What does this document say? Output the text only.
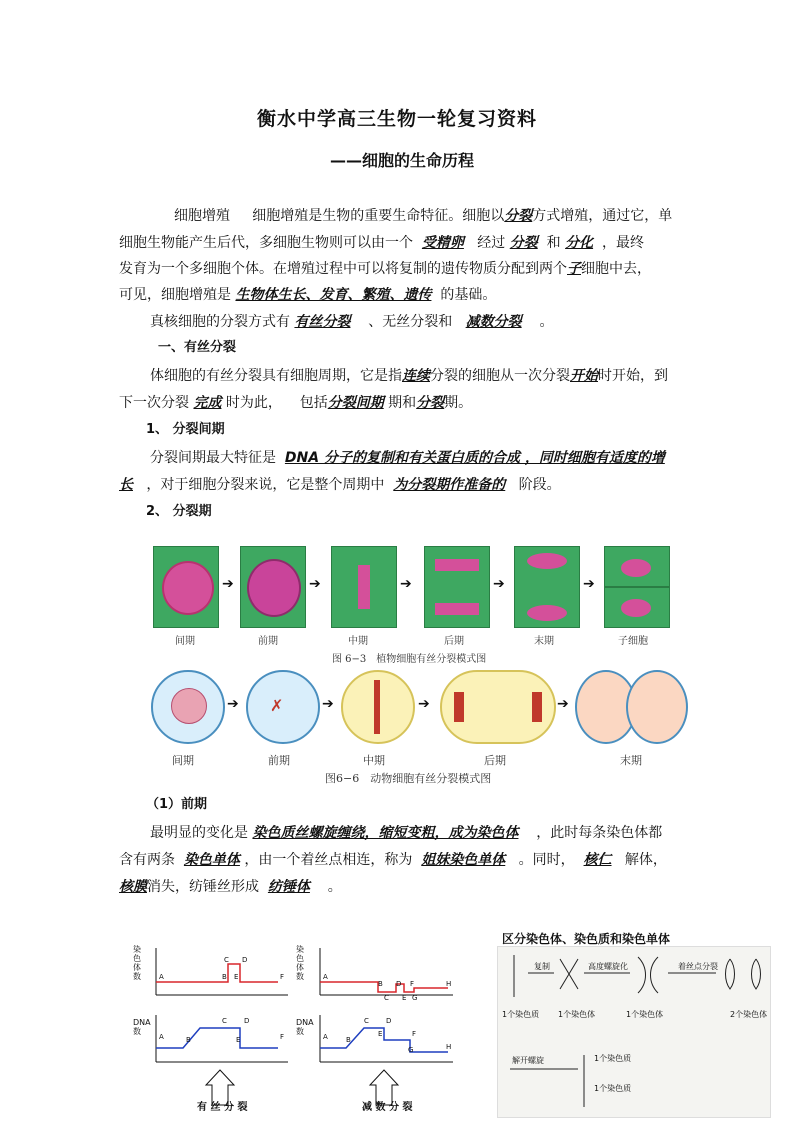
衡水中学高三生物一轮复习资料
——细胞的生命历程
细胞增殖 细胞增殖是生物的重要生命特征。细胞以分裂方式增殖，通过它，单
细胞生物能产生后代，多细胞生物则可以由一个 受精卵 经过 分裂 和 分化 ，最终
发育为一个多细胞个体。在增殖过程中可以将复制的遗传物质分配到两个子细胞中去，
可见，细胞增殖是 生物体生长、发育、繁殖、遗传 的基础。
真核细胞的分裂方式有 有丝分裂 、无丝分裂和 减数分裂 。
一、有丝分裂
体细胞的有丝分裂具有细胞周期，它是指连续分裂的细胞从一次分裂开始时开始，到
下一次分裂 完成 时为此， 包括分裂间期 期和分裂期。
1、 分裂间期
分裂间期最大特征是 DNA 分子的复制和有关蛋白质的合成 ，同时细胞有适度的增
长 ，对于细胞分裂来说，它是整个周期中 为分裂期作准备的 阶段。
2、 分裂期
➔	➔	➔	➔	➔
间期	前期	中期	后期	末期	子细胞
图 6−3　植物细胞有丝分裂模式图
➔ ✗	➔	➔	➔
间期	前期	中期	后期	末期
图6−6　动物细胞有丝分裂模式图
（1）前期
最明显的变化是 染色质丝螺旋缠绕，缩短变粗，成为染色体 ，此时每条染色体都
含有两条 染色单体 ，由一个着丝点相连，称为 姐妹染色单体 。同时， 核仁 解体，
核膜消失，纺锤丝形成 纺锤体 。
染色体数
DNA数
染色体数
DNA数
有 丝 分 裂	减 数 分 裂
A	B
C D
E	F
A	B
C D
E	F
A
B
C
D
E
F
G
H
A	B
C D
E	F
G	H
区分染色体、染色质和染色单体
复制	高度螺旋化	着丝点分裂
1个染色质 1个染色体	1个染色体	2个染色体
解开螺旋	1个染色质
1个染色质
